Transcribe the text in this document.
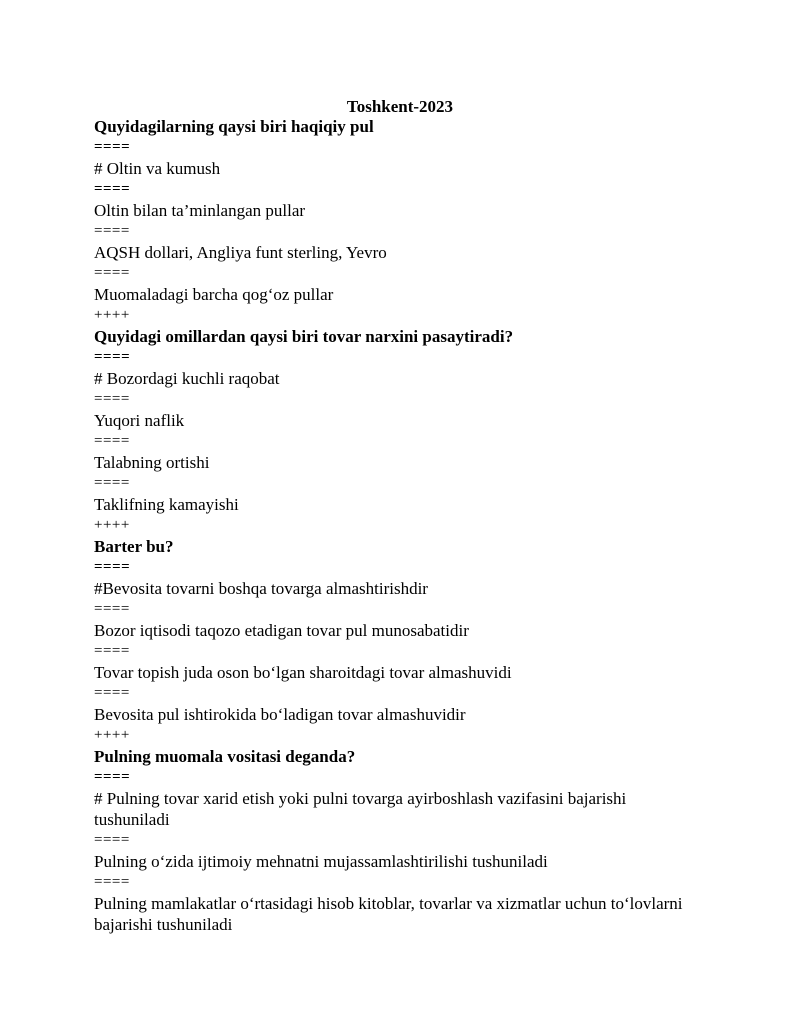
Toshkent-2023
Quyidagilarning qaysi biri haqiqiy pul
====
# Oltin va kumush
====
Oltin bilan ta’minlangan pullar
====
AQSH dollari, Angliya funt sterling, Yevro
====
Muomaladagi barcha qog‘oz pullar
++++
Quyidagi omillardan qaysi biri tovar narxini pasaytiradi?
====
# Bozordagi kuchli raqobat
====
Yuqori naflik
====
Talabning ortishi
====
Taklifning kamayishi
++++
Barter bu?
====
#Bevosita tovarni boshqa tovarga almashtirishdir
====
Bozor iqtisodi taqozo etadigan tovar pul munosabatidir
====
Tovar topish juda oson bo‘lgan sharoitdagi tovar almashuvidi
====
Bevosita pul ishtirokida bo‘ladigan tovar almashuvidir
++++
Pulning muomala vositasi deganda?
====
# Pulning tovar xarid etish yoki pulni tovarga ayirboshlash vazifasini bajarishi tushuniladi
====
Pulning o‘zida ijtimoiy mehnatni mujassamlashtirilishi tushuniladi
====
Pulning mamlakatlar o‘rtasidagi hisob kitoblar, tovarlar va xizmatlar uchun to‘lovlarni bajarishi tushuniladi
